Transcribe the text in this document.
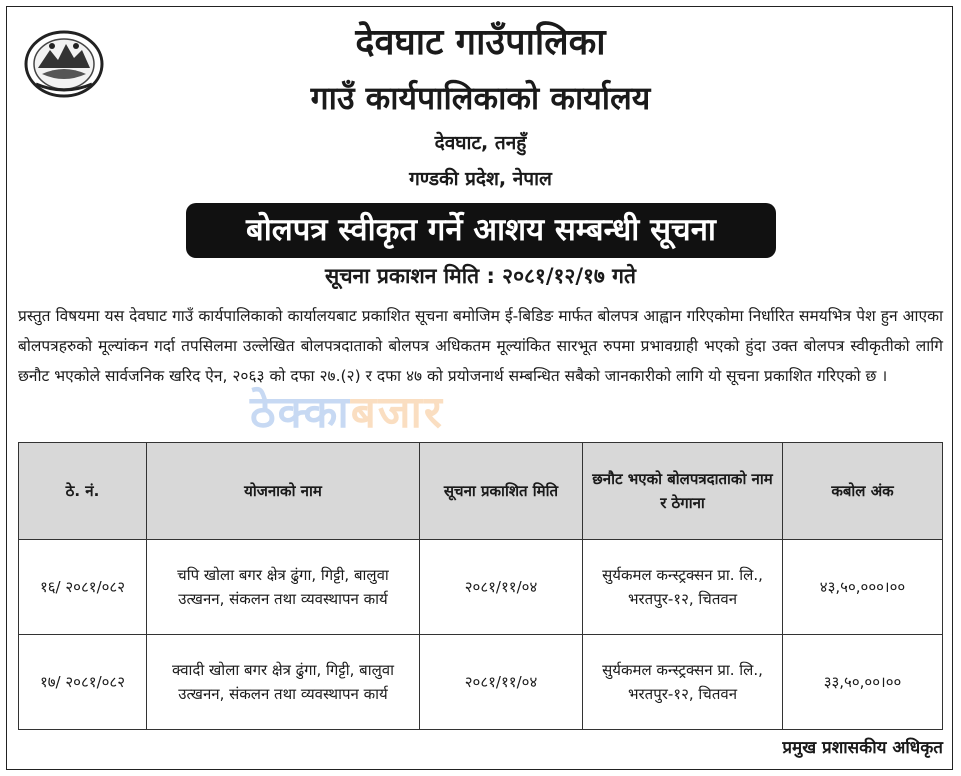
देवघाट गाउँपालिका
गाउँ कार्यपालिकाको कार्यालय
देवघाट, तनहुँ
गण्डकी प्रदेश, नेपाल
बोलपत्र स्वीकृत गर्ने आशय सम्बन्धी सूचना
सूचना प्रकाशन मिति : २०८१/१२/१७ गते
प्रस्तुत विषयमा यस देवघाट गाउँ कार्यपालिकाको कार्यालयबाट प्रकाशित सूचना बमोजिम ई-बिडिङ मार्फत बोलपत्र आह्वान गरिएकोमा निर्धारित समयभित्र पेश हुन आएका बोलपत्रहरुको मूल्यांकन गर्दा तपसिलमा उल्लेखित बोलपत्रदाताको बोलपत्र अधिकतम मूल्यांकित सारभूत रुपमा प्रभावग्राही भएको हुंदा उक्त बोलपत्र स्वीकृतीको लागि छनौट भएकोले सार्वजनिक खरिद ऐन, २०६३ को दफा २७.(२) र दफा ४७ को प्रयोजनार्थ सम्बन्धित सबैको जानकारीको लागि यो सूचना प्रकाशित गरिएको छ ।
ठेक्काबजार
ठे. नं.	योजनाको नाम	सूचना प्रकाशित मिति	छनौट भएको बोलपत्रदाताको नाम र ठेगाना	कबोल अंक
१६/ २०८१/०८२	चपि खोला बगर क्षेत्र ढुंगा, गिट्टी, बालुवा उत्खनन, संकलन तथा व्यवस्थापन कार्य	२०८१/११/०४	सुर्यकमल कन्स्ट्रक्सन प्रा. लि., भरतपुर-१२, चितवन	४३,५०,०००।००
१७/ २०८१/०८२	क्वादी खोला बगर क्षेत्र ढुंगा, गिट्टी, बालुवा उत्खनन, संकलन तथा व्यवस्थापन कार्य	२०८१/११/०४	सुर्यकमल कन्स्ट्रक्सन प्रा. लि., भरतपुर-१२, चितवन	३३,५०,००।००
प्रमुख प्रशासकीय अधिकृत
